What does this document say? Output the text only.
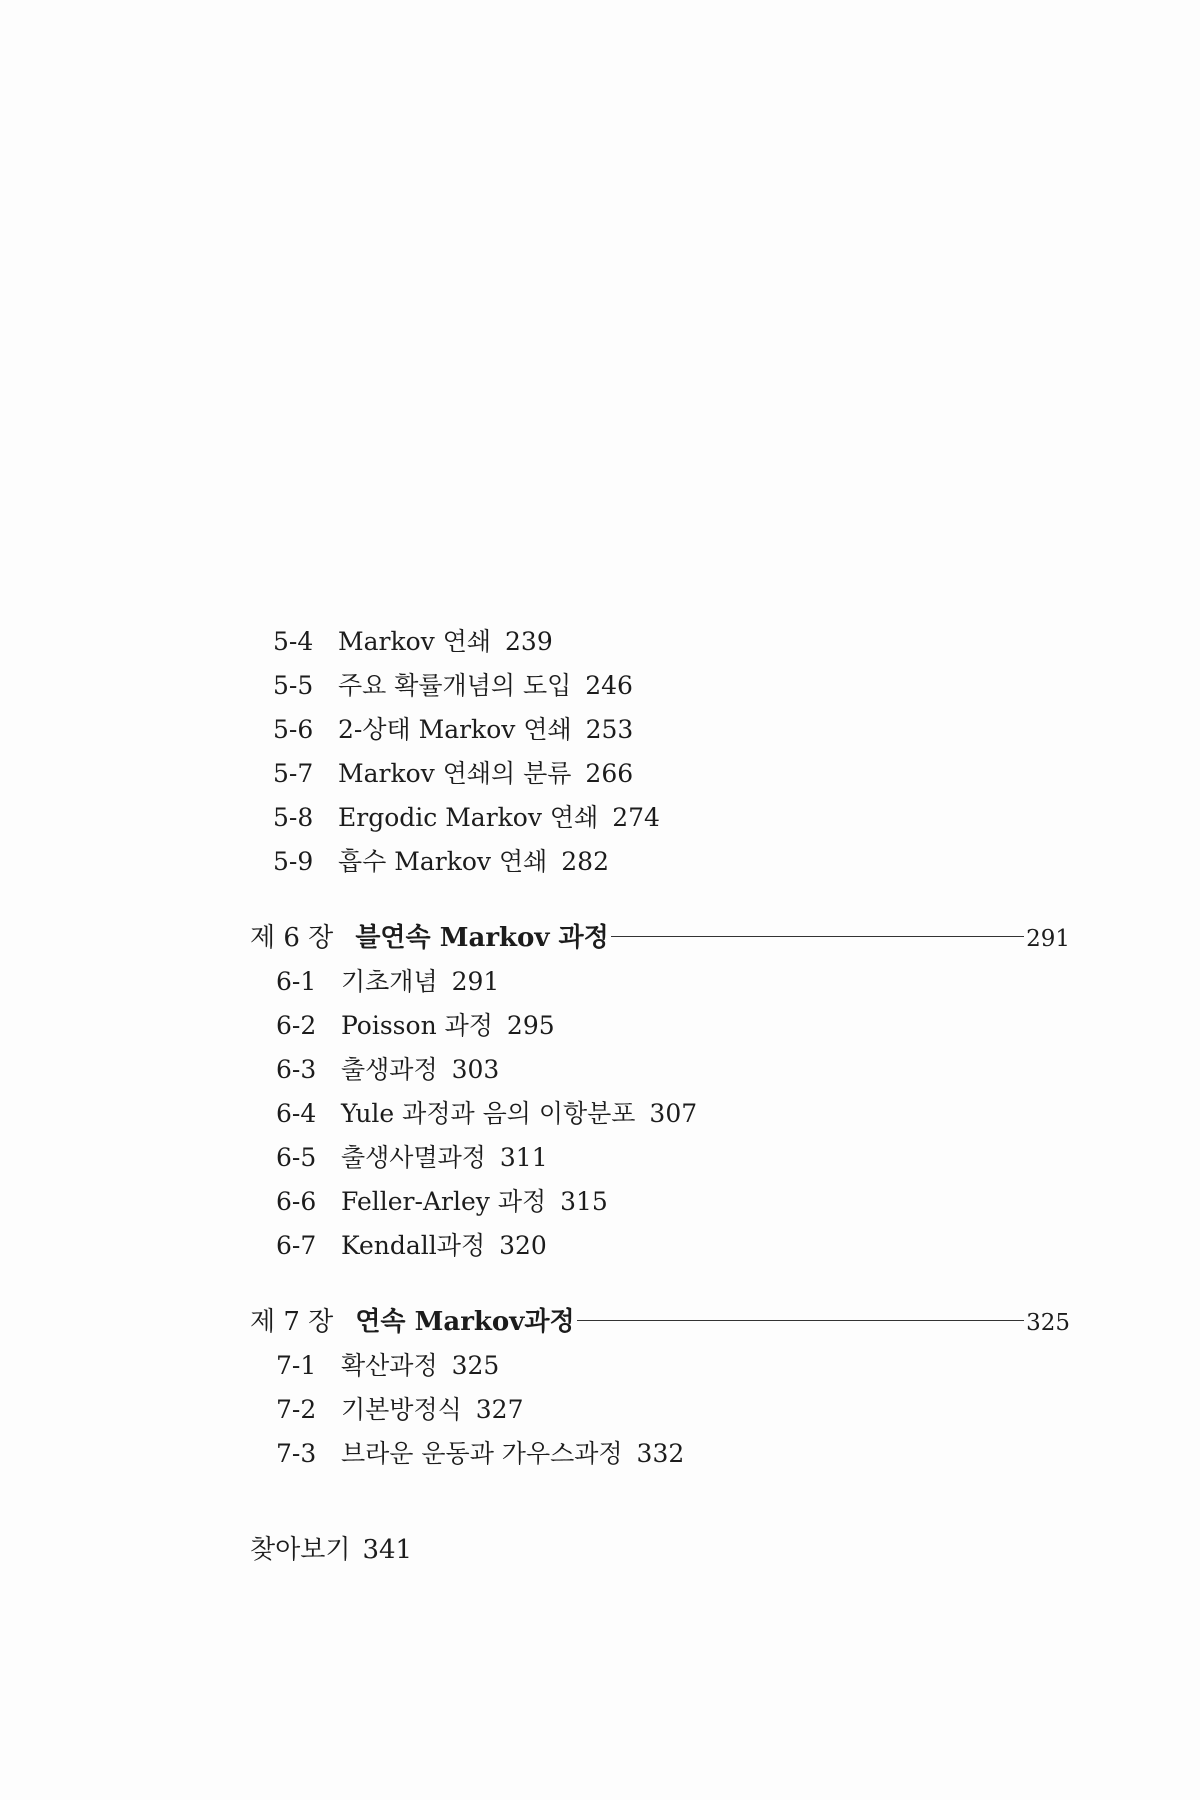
5-4 Markov 연쇄 239
5-5 주요 확률개념의 도입 246
5-6 2-상태 Markov 연쇄 253
5-7 Markov 연쇄의 분류 266
5-8 Ergodic Markov 연쇄 274
5-9 흡수 Markov 연쇄 282
제 6 장 블연속 Markov 과정	291
6-1 기초개념 291
6-2 Poisson 과정 295
6-3 출생과정 303
6-4 Yule 과정과 음의 이항분포 307
6-5 출생사멸과정 311
6-6 Feller-Arley 과정 315
6-7 Kendall과정 320
제 7 장 연속 Markov과정	325
7-1 확산과정 325
7-2 기본방정식 327
7-3 브라운 운동과 가우스과정 332
찾아보기 341
